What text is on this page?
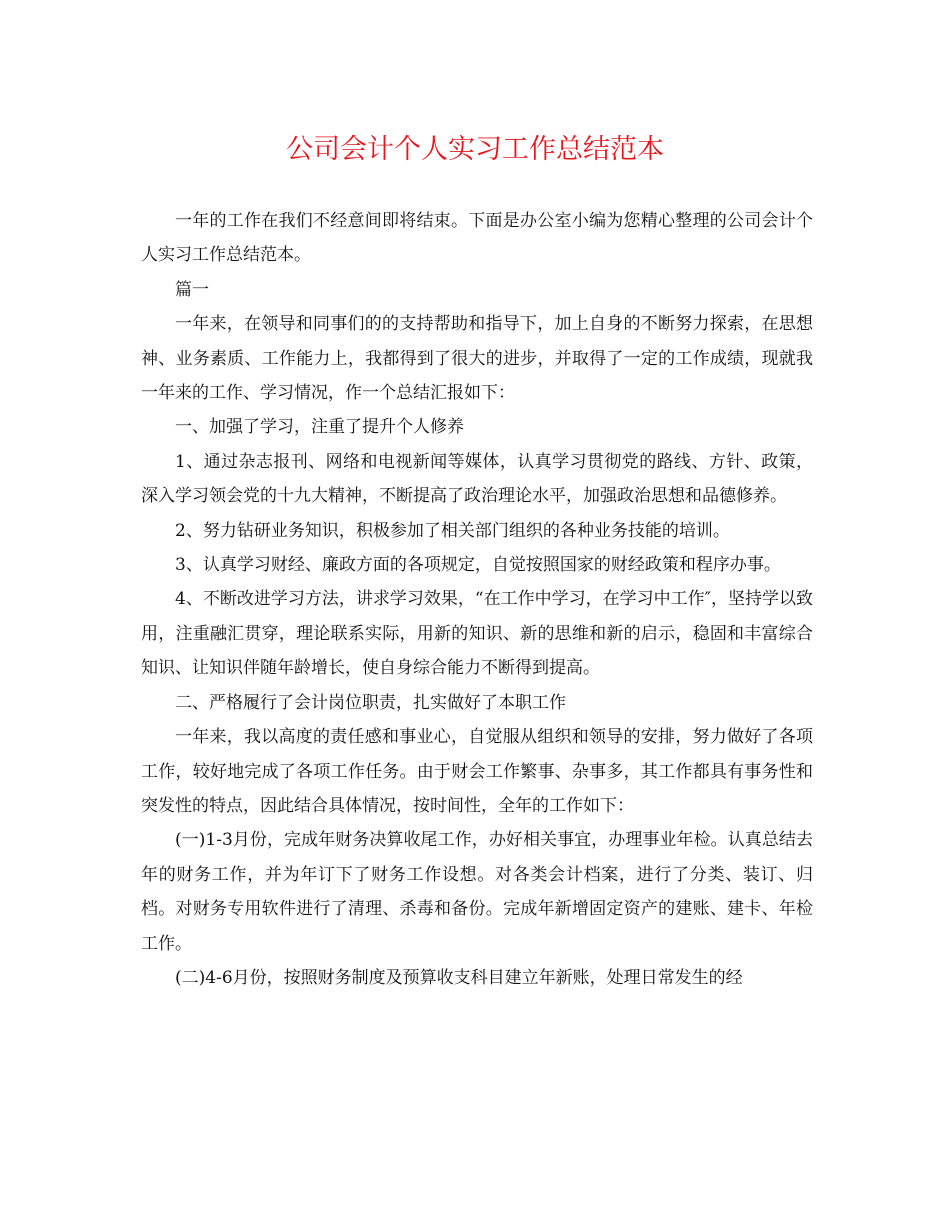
公司会计个人实习工作总结范本

一年的工作在我们不经意间即将结束。下面是办公室小编为您精心整理的公司会计个人实习工作总结范本。

篇一

一年来，在领导和同事们的的支持帮助和指导下，加上自身的不断努力探索，在思想神、业务素质、工作能力上，我都得到了很大的进步，并取得了一定的工作成绩，现就我一年来的工作、学习情况，作一个总结汇报如下：

一、加强了学习，注重了提升个人修养

1、通过杂志报刊、网络和电视新闻等媒体，认真学习贯彻党的路线、方针、政策，深入学习领会党的十九大精神，不断提高了政治理论水平，加强政治思想和品德修养。

2、努力钻研业务知识，积极参加了相关部门组织的各种业务技能的培训。

3、认真学习财经、廉政方面的各项规定，自觉按照国家的财经政策和程序办事。

4、不断改进学习方法，讲求学习效果，“在工作中学习，在学习中工作″，坚持学以致用，注重融汇贯穿，理论联系实际，用新的知识、新的思维和新的启示，稳固和丰富综合知识、让知识伴随年龄增长，使自身综合能力不断得到提高。

二、严格履行了会计岗位职责，扎实做好了本职工作

一年来，我以高度的责任感和事业心，自觉服从组织和领导的安排，努力做好了各项工作，较好地完成了各项工作任务。由于财会工作繁事、杂事多，其工作都具有事务性和突发性的特点，因此结合具体情况，按时间性，全年的工作如下：

(一)1-3月份，完成年财务决算收尾工作，办好相关事宜，办理事业年检。认真总结去年的财务工作，并为年订下了财务工作设想。对各类会计档案，进行了分类、装订、归档。对财务专用软件进行了清理、杀毒和备份。完成年新增固定资产的建账、建卡、年检工作。

(二)4-6月份，按照财务制度及预算收支科目建立年新账，处理日常发生的经
